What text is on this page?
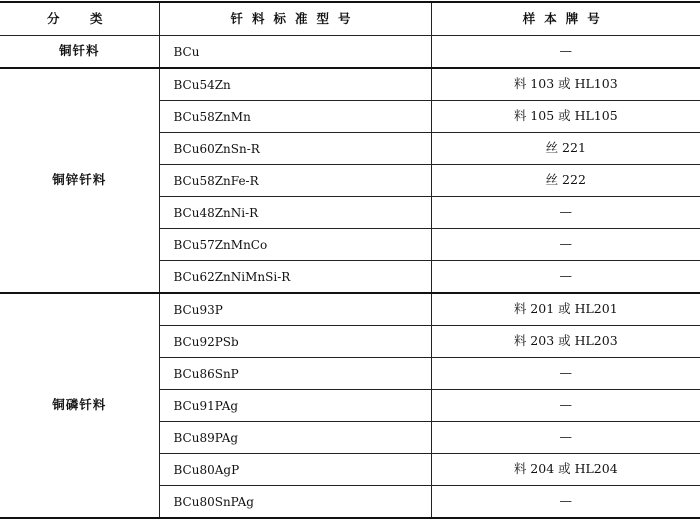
分　类	钎料标准型号	样本牌号
铜钎料	BCu	—
铜锌钎料	BCu54Zn	料 103 或 HL103
	BCu58ZnMn	料 105 或 HL105
	BCu60ZnSn-R	丝 221
	BCu58ZnFe-R	丝 222
	BCu48ZnNi-R	—
	BCu57ZnMnCo	—
	BCu62ZnNiMnSi-R	—
铜磷钎料	BCu93P	料 201 或 HL201
	BCu92PSb	料 203 或 HL203
	BCu86SnP	—
	BCu91PAg	—
	BCu89PAg	—
	BCu80AgP	料 204 或 HL204
	BCu80SnPAg	—
